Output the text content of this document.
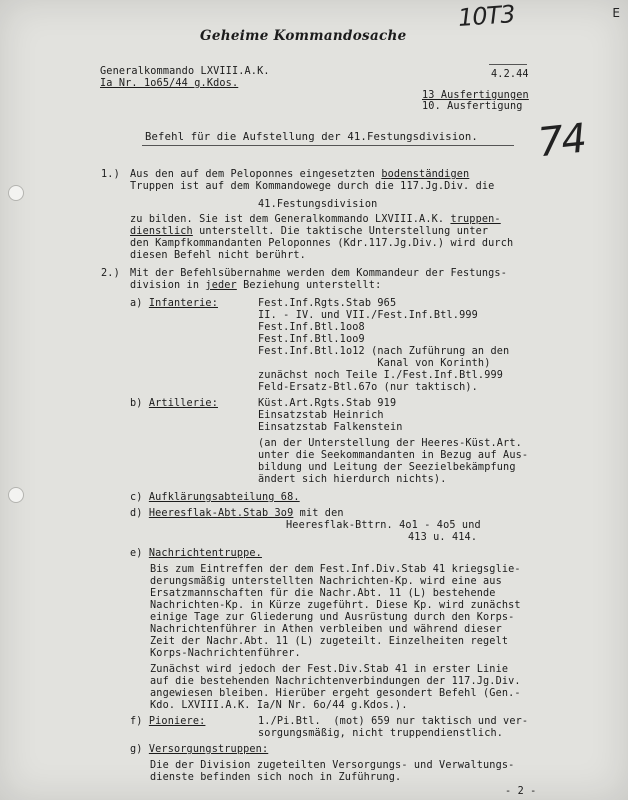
10T3
74
E
Geheime Kommandosache
Generalkommando LXVIII.A.K.
Ia Nr. 1o65/44 g.Kdos.
4.2.44
13 Ausfertigungen
10. Ausfertigung
Befehl für die Aufstellung der 41.Festungsdivision.
1.) Aus den auf dem Peloponnes eingesetzten bodenständigen
Truppen ist auf dem Kommandowege durch die 117.Jg.Div. die
41.Festungsdivision
zu bilden. Sie ist dem Generalkommando LXVIII.A.K. truppen-
dienstlich unterstellt. Die taktische Unterstellung unter
den Kampfkommandanten Peloponnes (Kdr.117.Jg.Div.) wird durch
diesen Befehl nicht berührt.
2.) Mit der Befehlsübernahme werden dem Kommandeur der Festungs-
division in jeder Beziehung unterstellt:
a) Infanterie:	Fest.Inf.Rgts.Stab 965
II. - IV. und VII./Fest.Inf.Btl.999
Fest.Inf.Btl.1oo8
Fest.Inf.Btl.1oo9
Fest.Inf.Btl.1o12 (nach Zuführung an den
Kanal von Korinth)
zunächst noch Teile I./Fest.Inf.Btl.999
Feld-Ersatz-Btl.67o (nur taktisch).
b) Artillerie:	Küst.Art.Rgts.Stab 919
Einsatzstab Heinrich
Einsatzstab Falkenstein
(an der Unterstellung der Heeres-Küst.Art.
unter die Seekommandanten in Bezug auf Aus-
bildung und Leitung der Seezielbekämpfung
ändert sich hierdurch nichts).
c) Aufklärungsabteilung 68.
d) Heeresflak-Abt.Stab 3o9 mit den
Heeresflak-Bttrn. 4o1 - 4o5 und
413 u. 414.
e) Nachrichtentruppe.
Bis zum Eintreffen der dem Fest.Inf.Div.Stab 41 kriegsglie-
derungsmäßig unterstellten Nachrichten-Kp. wird eine aus
Ersatzmannschaften für die Nachr.Abt. 11 (L) bestehende
Nachrichten-Kp. in Kürze zugeführt. Diese Kp. wird zunächst
einige Tage zur Gliederung und Ausrüstung durch den Korps-
Nachrichtenführer in Athen verbleiben und während dieser
Zeit der Nachr.Abt. 11 (L) zugeteilt. Einzelheiten regelt
Korps-Nachrichtenführer.
Zunächst wird jedoch der Fest.Div.Stab 41 in erster Linie
auf die bestehenden Nachrichtenverbindungen der 117.Jg.Div.
angewiesen bleiben. Hierüber ergeht gesondert Befehl (Gen.-
Kdo. LXVIII.A.K. Ia/N Nr. 6o/44 g.Kdos.).
f) Pioniere:	1./Pi.Btl.  (mot) 659 nur taktisch und ver-
sorgungsmäßig, nicht truppendienstlich.
g) Versorgungstruppen:
Die der Division zugeteilten Versorgungs- und Verwaltungs-
dienste befinden sich noch in Zuführung.
- 2 -
